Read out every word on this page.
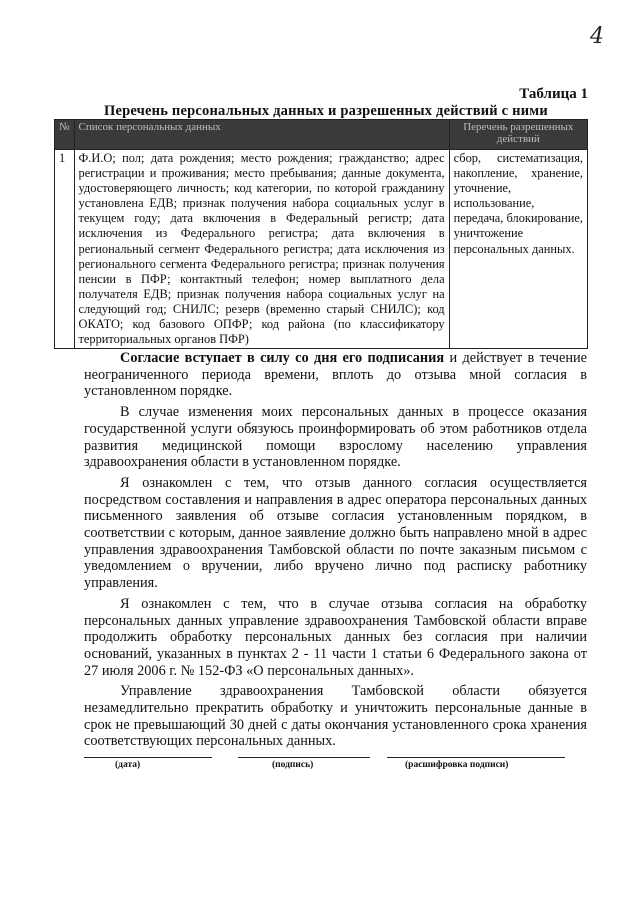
4
Таблица 1
Перечень персональных данных и разрешенных действий с ними
№	Список персональных данных	Перечень разрешенных действий
1	Ф.И.О; пол; дата рождения; место рождения; гражданство; адрес регистрации и проживания; место пребывания; данные документа, удостоверяющего личность; код категории, по которой гражданину установлена ЕДВ; признак получения набора социальных услуг в текущем году; дата включения в Федеральный регистр; дата исключения из Федерального регистра; дата включения в региональный сегмент Федерального регистра; дата исключения из регионального сегмента Федерального регистра; признак получения пенсии в ПФР; контактный телефон; номер выплатного дела получателя ЕДВ; признак получения набора социальных услуг на следующий год; СНИЛС; резерв (временно старый СНИЛС); код ОКАТО; код базового ОПФР; код района (по классификатору территориальных органов ПФР)	сбор, систематизация, накопление, хранение, уточнение, использование, передача, блокирование, уничтожение персональных данных.

Согласие вступает в силу со дня его подписания и действует в течение неограниченного периода времени, вплоть до отзыва мной согласия в установленном порядке.

В случае изменения моих персональных данных в процессе оказания государственной услуги обязуюсь проинформировать об этом работников отдела развития медицинской помощи взрослому населению управления здравоохранения области в установленном порядке.

Я ознакомлен с тем, что отзыв данного согласия осуществляется посредством составления и направления в адрес оператора персональных данных письменного заявления об отзыве согласия установленным порядком, в соответствии с которым, данное заявление должно быть направлено мной в адрес управления здравоохранения Тамбовской области по почте заказным письмом с уведомлением о вручении, либо вручено лично под расписку работнику управления.

Я ознакомлен с тем, что в случае отзыва согласия на обработку персональных данных управление здравоохранения Тамбовской области вправе продолжить обработку персональных данных без согласия при наличии оснований, указанных в пунктах 2 - 11 части 1 статьи 6 Федерального закона от 27 июля 2006 г. № 152-ФЗ «О персональных данных».

Управление здравоохранения Тамбовской области обязуется незамедлительно прекратить обработку и уничтожить персональные данные в срок не превышающий 30 дней с даты окончания установленного срока хранения соответствующих персональных данных.

(дата)	(подпись)	(расшифровка подписи)
